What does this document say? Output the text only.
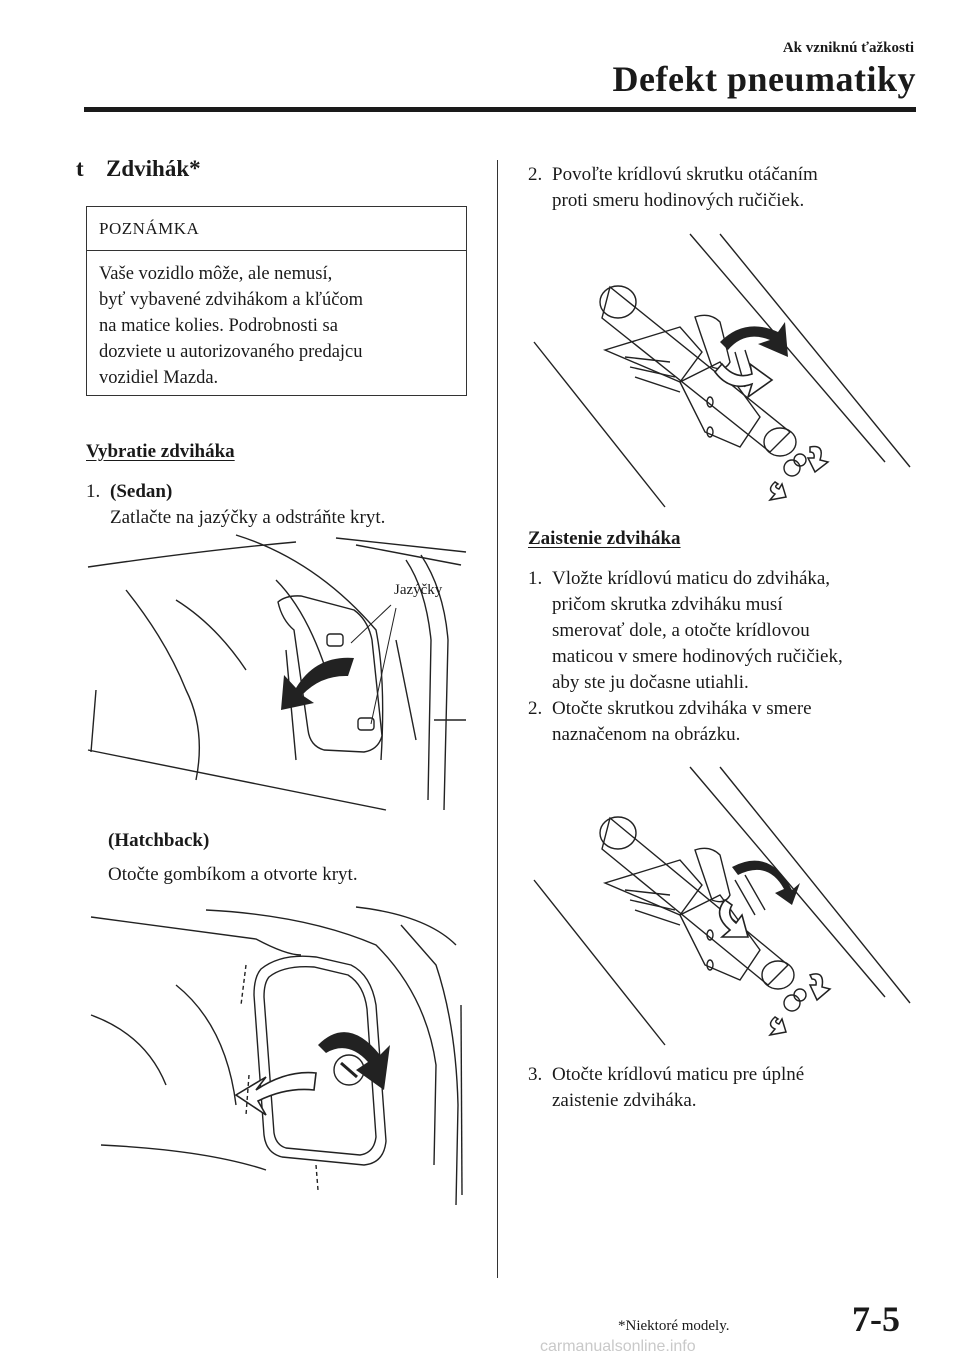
Ak vzniknú ťažkosti
Defekt pneumatiky
t Zdvihák*
POZNÁMKA
Vaše vozidlo môže, ale nemusí,
byť vybavené zdvihákom a kľúčom
na matice kolies. Podrobnosti sa
dozviete u autorizovaného predajcu
vozidiel Mazda.
Vybratie zdviháka
1. (Sedan)
Zatlačte na jazýčky a odstráňte kryt.
Jazýčky
(Hatchback)
Otočte gombíkom a otvorte kryt.
2. Povoľte krídlovú skrutku otáčaním
proti smeru hodinových ručičiek.
Zaistenie zdviháka
1. Vložte krídlovú maticu do zdviháka,
pričom skrutka zdviháku musí
smerovať dole, a otočte krídlovou
maticou v smere hodinových ručičiek,
aby ste ju dočasne utiahli.
2. Otočte skrutkou zdviháka v smere
naznačenom na obrázku.
3. Otočte krídlovú maticu pre úplné
zaistenie zdviháka.
*Niektoré modely.	7-5
carmanualsonline.info
